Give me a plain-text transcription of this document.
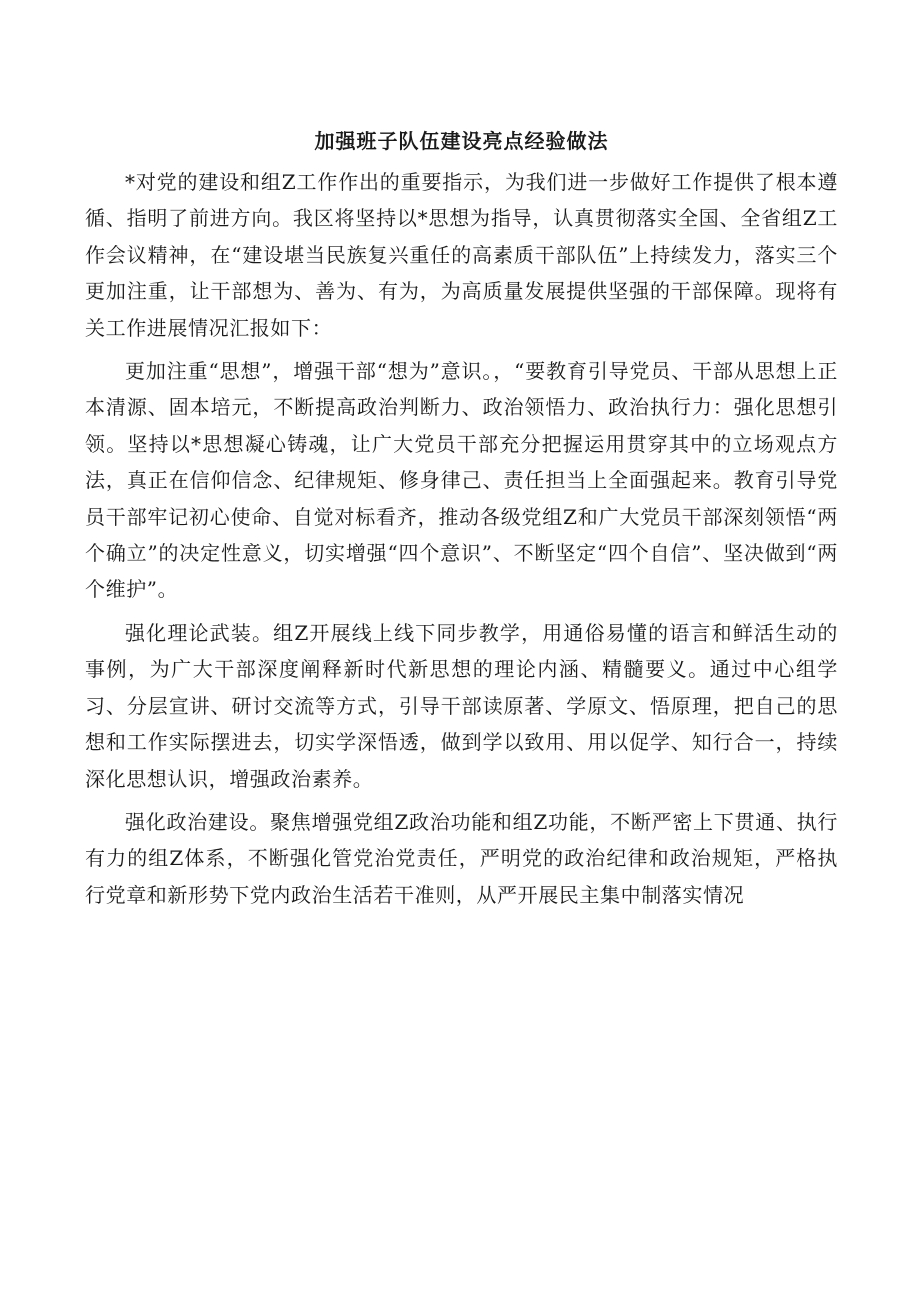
加强班子队伍建设亮点经验做法

*对党的建设和组Z工作作出的重要指示，为我们进一步做好工作提供了根本遵循、指明了前进方向。我区将坚持以*思想为指导，认真贯彻落实全国、全省组Z工作会议精神，在“建设堪当民族复兴重任的高素质干部队伍”上持续发力，落实三个更加注重，让干部想为、善为、有为，为高质量发展提供坚强的干部保障。现将有关工作进展情况汇报如下：

更加注重“思想”，增强干部“想为”意识。，“要教育引导党员、干部从思想上正本清源、固本培元，不断提高政治判断力、政治领悟力、政治执行力：强化思想引领。坚持以*思想凝心铸魂，让广大党员干部充分把握运用贯穿其中的立场观点方法，真正在信仰信念、纪律规矩、修身律己、责任担当上全面强起来。教育引导党员干部牢记初心使命、自觉对标看齐，推动各级党组Z和广大党员干部深刻领悟“两个确立”的决定性意义，切实增强“四个意识”、不断坚定“四个自信”、坚决做到“两个维护”。

强化理论武装。组Z开展线上线下同步教学，用通俗易懂的语言和鲜活生动的事例，为广大干部深度阐释新时代新思想的理论内涵、精髓要义。通过中心组学习、分层宣讲、研讨交流等方式，引导干部读原著、学原文、悟原理，把自己的思想和工作实际摆进去，切实学深悟透，做到学以致用、用以促学、知行合一，持续深化思想认识，增强政治素养。

强化政治建设。聚焦增强党组Z政治功能和组Z功能，不断严密上下贯通、执行有力的组Z体系，不断强化管党治党责任，严明党的政治纪律和政治规矩，严格执行党章和新形势下党内政治生活若干准则，从严开展民主集中制落实情况
